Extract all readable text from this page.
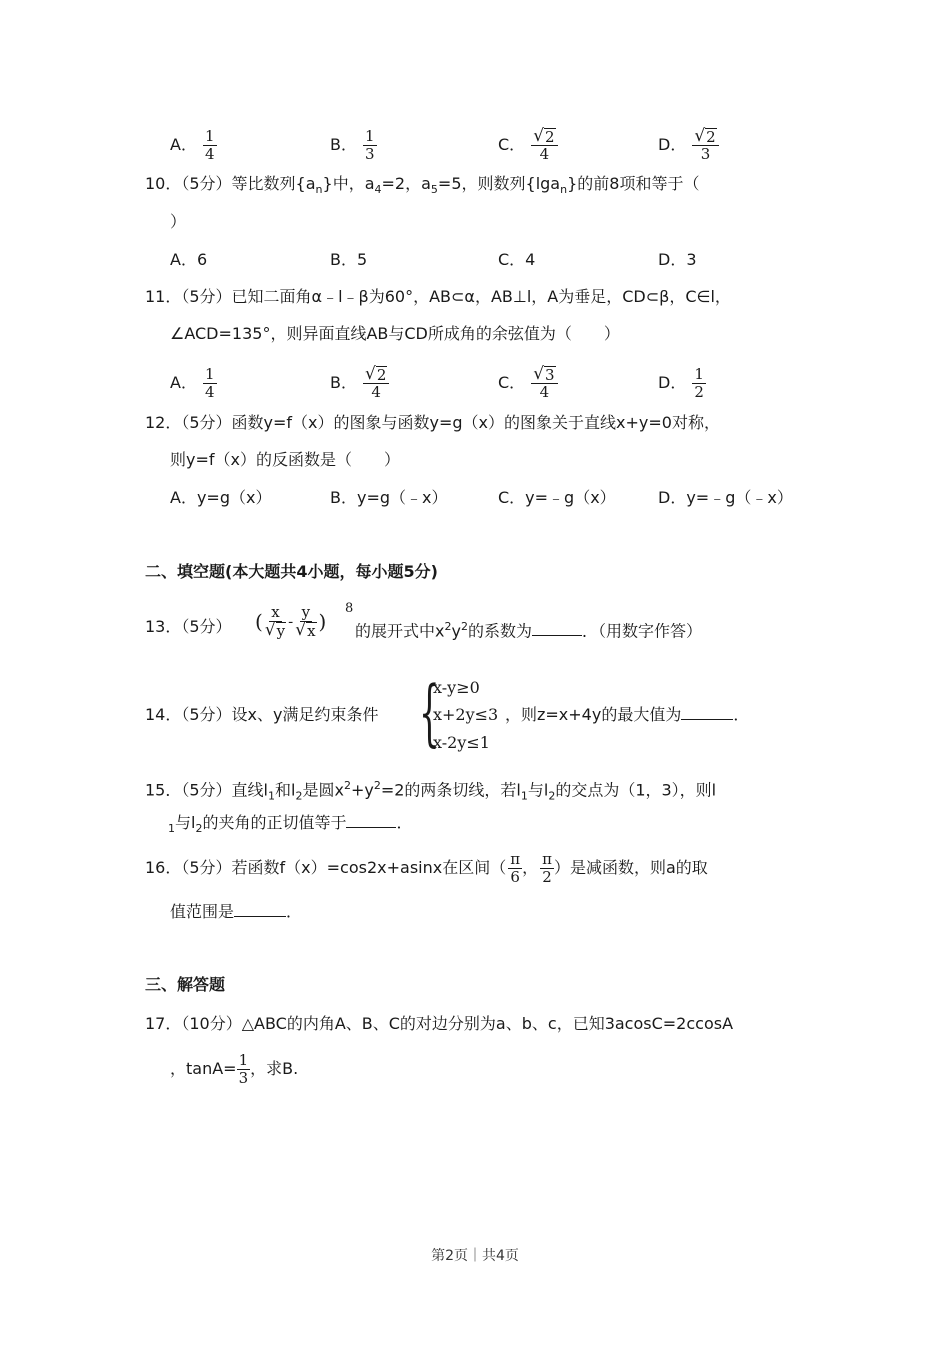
A． $\frac{1}{4}$	B． $\frac{1}{3}$	C． $\frac{√ 2}{4}$	D． $\frac{√ 2}{3}$
10．（5分）等比数列$\{a_n\}$中，$a_4=2$，$a_5=5$，则数列{lga$_n$}的前8项和等于（
）
A．6	B．5	C．4	D．3
11．（5分）已知二面角α﹣l﹣β为60°，AB⊂α，AB⊥l，A为垂足，CD⊂β，C∈l，
∠ACD=135°，则异面直线AB与CD所成角的余弦值为（　　）
A． $\frac{1}{4}$	B． $\frac{√ 2}{4}$	C． $\frac{√ 3}{4}$	D． $\frac{1}{2}$
12．（5分）函数y=f（x）的图象与函数y=g（x）的图象关于直线x+y=0对称，
则y=f（x）的反函数是（　　）
A．y=g（x）	B．y=g（﹣x）	C．y=﹣g（x）	D．y=﹣g（﹣x）
二、填空题(本大题共4小题，每小题5分)
13．（5分） ( $\frac{x}{√ y} - \frac{y}{√ x}$ )
8
的展开式中$x^2y^2$的系数为	．（用数字作答）
14．（5分）设x、y满足约束条件 {
x-y≥0
x+2y≤3
x-2y≤1
，则z=x+4y的最大值为	．
15．（5分）直线$l_1$和$l_2$是圆$x^2+y^2=2$的两条切线，若$l_1$与$l_2$的交点为（1，3），则l
$_1$与$l_2$的夹角的正切值等于	．
16．（5分）若函数f（x）=cos2x+asinx在区间（ $\frac{\pi}{6}$ ， $\frac{\pi}{2}$ ）是减函数，则a的取
值范围是	．
三、解答题
17．（10分）△ABC的内角A、B、C的对边分别为a、b、c，已知3acosC=2ccosA
，$\tan A= \frac{1}{3}$ ，求B.
第2页｜共4页
